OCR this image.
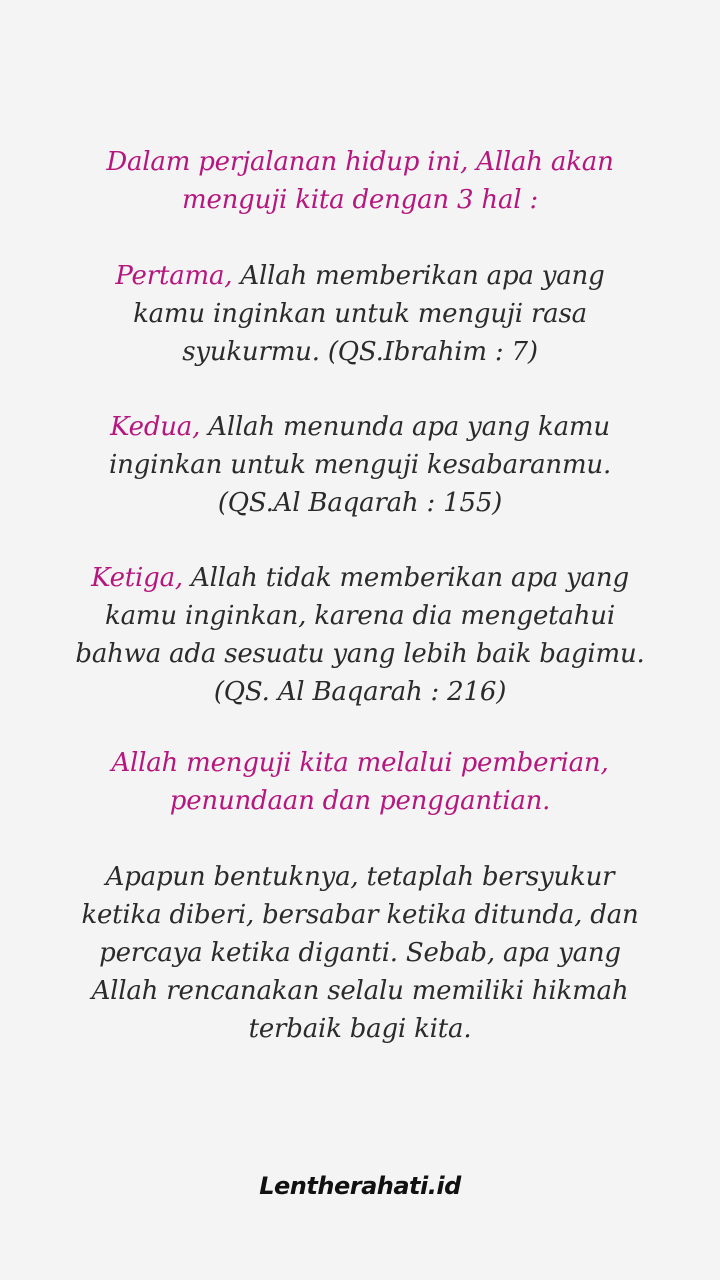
Dalam perjalanan hidup ini, Allah akan

menguji kita dengan 3 hal :

Pertama, Allah memberikan apa yang

kamu inginkan untuk menguji rasa

syukurmu. (QS.Ibrahim : 7)

Kedua, Allah menunda apa yang kamu

inginkan untuk menguji kesabaranmu.

(QS.Al Baqarah : 155)

Ketiga, Allah tidak memberikan apa yang

kamu inginkan, karena dia mengetahui

bahwa ada sesuatu yang lebih baik bagimu.

(QS. Al Baqarah : 216)

Allah menguji kita melalui pemberian,

penundaan dan penggantian.

Apapun bentuknya, tetaplah bersyukur

ketika diberi, bersabar ketika ditunda, dan

percaya ketika diganti. Sebab, apa yang

Allah rencanakan selalu memiliki hikmah

terbaik bagi kita.

Lentherahati.id
